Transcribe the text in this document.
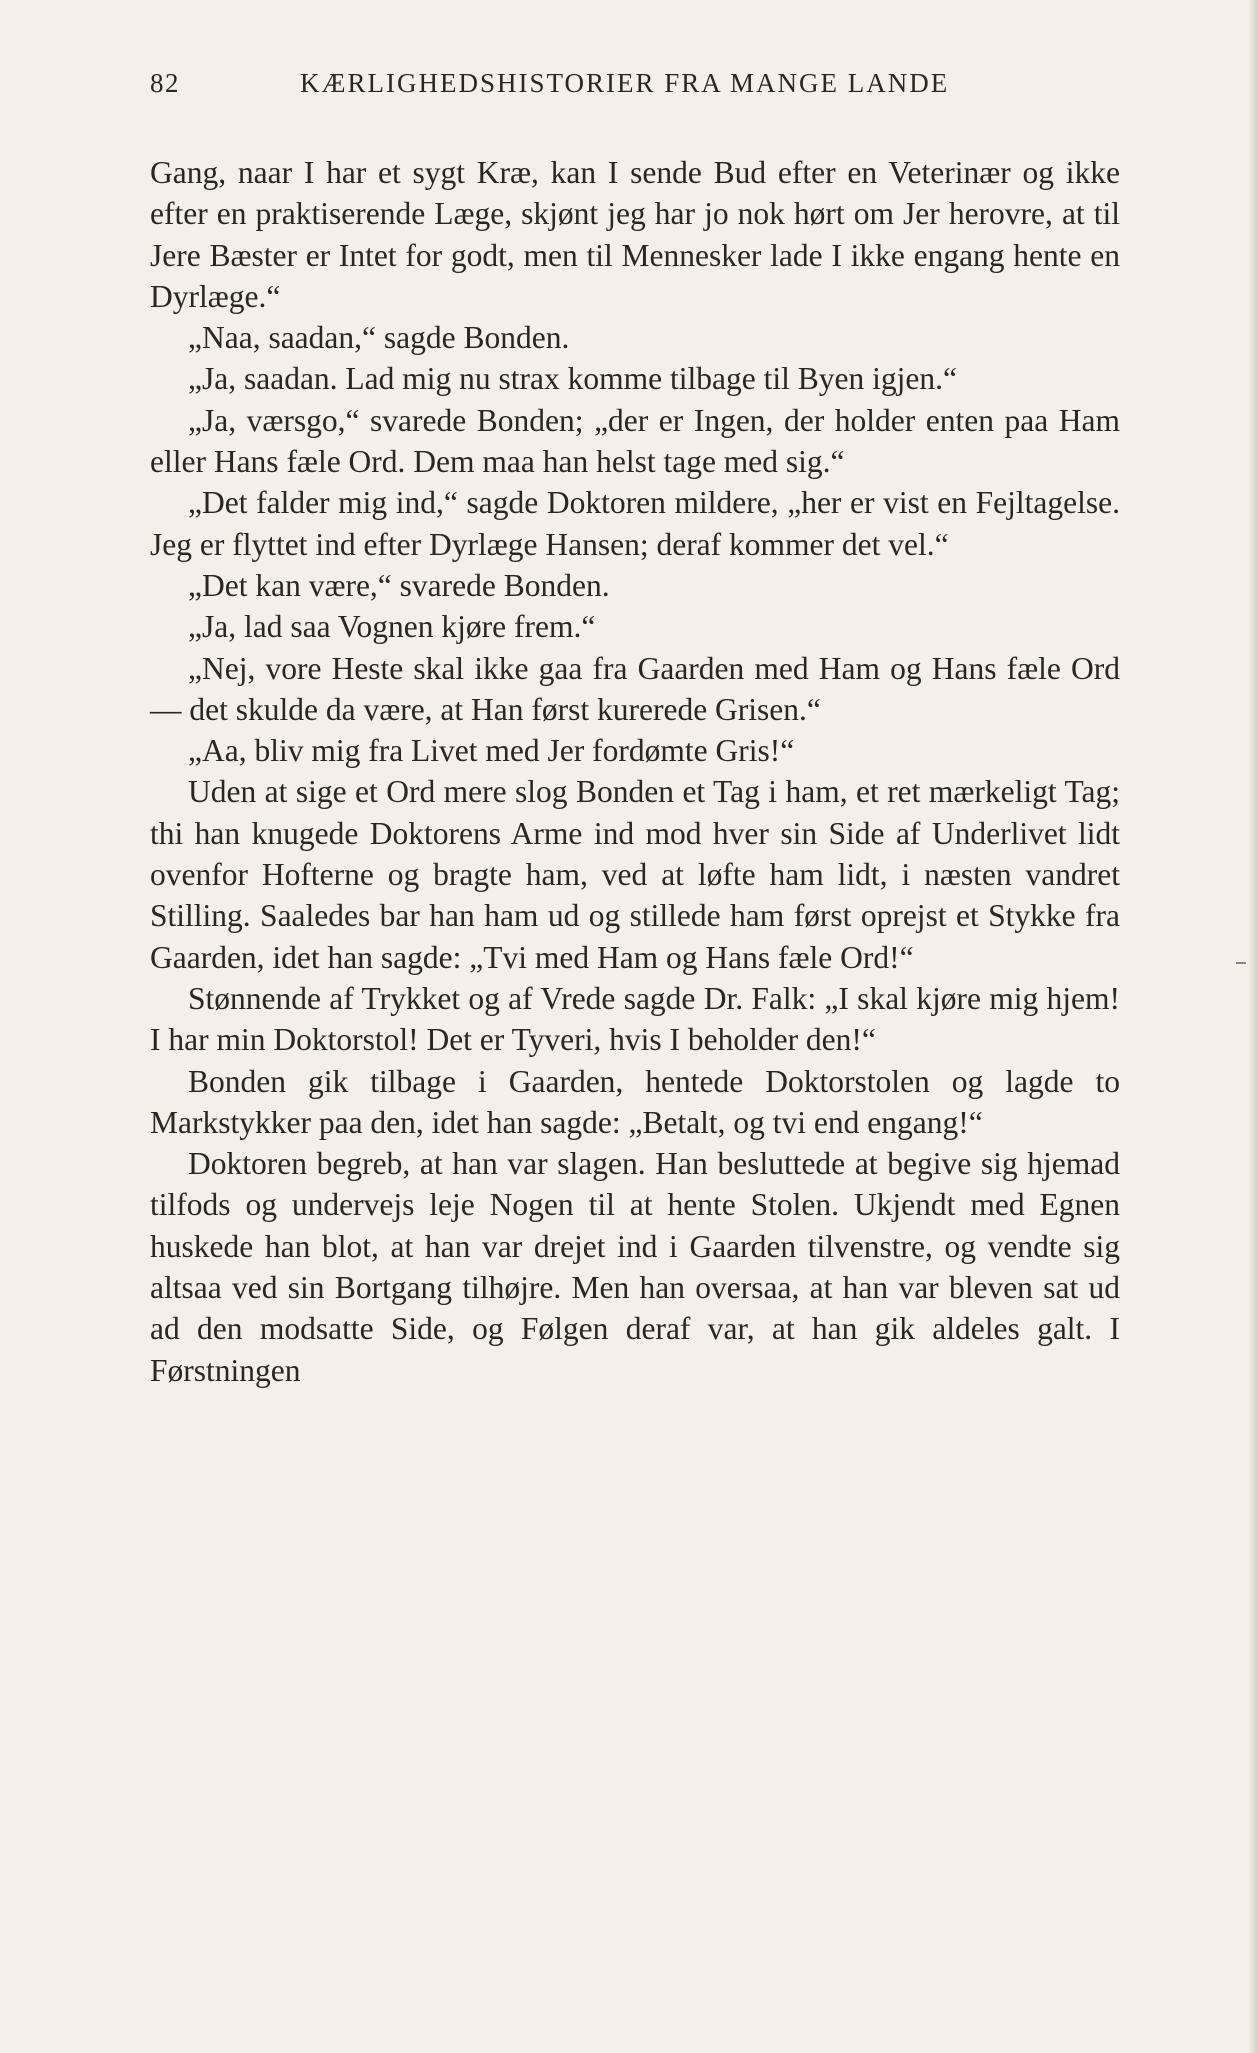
82	KÆRLIGHEDSHISTORIER FRA MANGE LANDE

Gang, naar I har et sygt Kræ, kan I sende Bud efter en Veterinær og ikke efter en praktiserende Læge, skjønt jeg har jo nok hørt om Jer herovre, at til Jere Bæster er Intet for godt, men til Mennesker lade I ikke engang hente en Dyrlæge.“

„Naa, saadan,“ sagde Bonden.

„Ja, saadan. Lad mig nu strax komme tilbage til Byen igjen.“

„Ja, værsgo,“ svarede Bonden; „der er Ingen, der holder enten paa Ham eller Hans fæle Ord. Dem maa han helst tage med sig.“

„Det falder mig ind,“ sagde Doktoren mildere, „her er vist en Fejltagelse. Jeg er flyttet ind efter Dyrlæge Hansen; deraf kommer det vel.“

„Det kan være,“ svarede Bonden.

„Ja, lad saa Vognen kjøre frem.“

„Nej, vore Heste skal ikke gaa fra Gaarden med Ham og Hans fæle Ord — det skulde da være, at Han først kurerede Grisen.“

„Aa, bliv mig fra Livet med Jer fordømte Gris!“

Uden at sige et Ord mere slog Bonden et Tag i ham, et ret mærkeligt Tag; thi han knugede Doktorens Arme ind mod hver sin Side af Underlivet lidt ovenfor Hofterne og bragte ham, ved at løfte ham lidt, i næsten vandret Stilling. Saaledes bar han ham ud og stillede ham først oprejst et Stykke fra Gaarden, idet han sagde: „Tvi med Ham og Hans fæle Ord!“

Stønnende af Trykket og af Vrede sagde Dr. Falk: „I skal kjøre mig hjem! I har min Doktorstol! Det er Tyveri, hvis I beholder den!“

Bonden gik tilbage i Gaarden, hentede Doktorstolen og lagde to Markstykker paa den, idet han sagde: „Betalt, og tvi end engang!“

Doktoren begreb, at han var slagen. Han besluttede at begive sig hjemad tilfods og undervejs leje Nogen til at hente Stolen. Ukjendt med Egnen huskede han blot, at han var drejet ind i Gaarden tilvenstre, og vendte sig altsaa ved sin Bortgang tilhøjre. Men han oversaa, at han var bleven sat ud ad den modsatte Side, og Følgen deraf var, at han gik aldeles galt. I Førstningen
